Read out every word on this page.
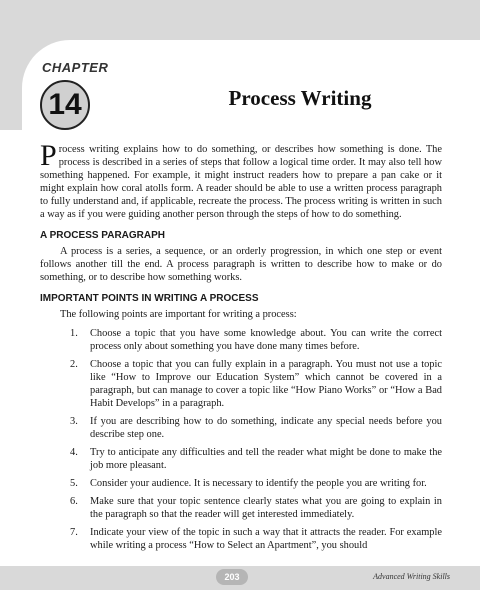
CHAPTER
14	Process Writing

Process writing explains how to do something, or describes how something is done. The process is described in a series of steps that follow a logical time order. It may also tell how something happened. For example, it might instruct readers how to prepare a pan cake or it might explain how coral atolls form. A reader should be able to use a written process paragraph to fully understand and, if applicable, recreate the process. The process writing is written in such a way as if you were guiding another person through the steps of how to do something.

A PROCESS PARAGRAPH

A process is a series, a sequence, or an orderly progression, in which one step or event follows another till the end. A process paragraph is written to describe how to make or do something, or to describe how something works.

IMPORTANT POINTS IN WRITING A PROCESS

The following points are important for writing a process:

1. Choose a topic that you have some knowledge about. You can write the correct process only about something you have done many times before.
2. Choose a topic that you can fully explain in a paragraph. You must not use a topic like “How to Improve our Education System” which cannot be covered in a paragraph, but can manage to cover a topic like “How Piano Works” or “How a Bad Habit Develops” in a paragraph.
3. If you are describing how to do something, indicate any special needs before you describe step one.
4. Try to anticipate any difficulties and tell the reader what might be done to make the job more pleasant.
5. Consider your audience. It is necessary to identify the people you are writing for.
6. Make sure that your topic sentence clearly states what you are going to explain in the paragraph so that the reader will get interested immediately.
7. Indicate your view of the topic in such a way that it attracts the reader. For example while writing a process “How to Select an Apartment”, you should
203	Advanced Writing Skills
